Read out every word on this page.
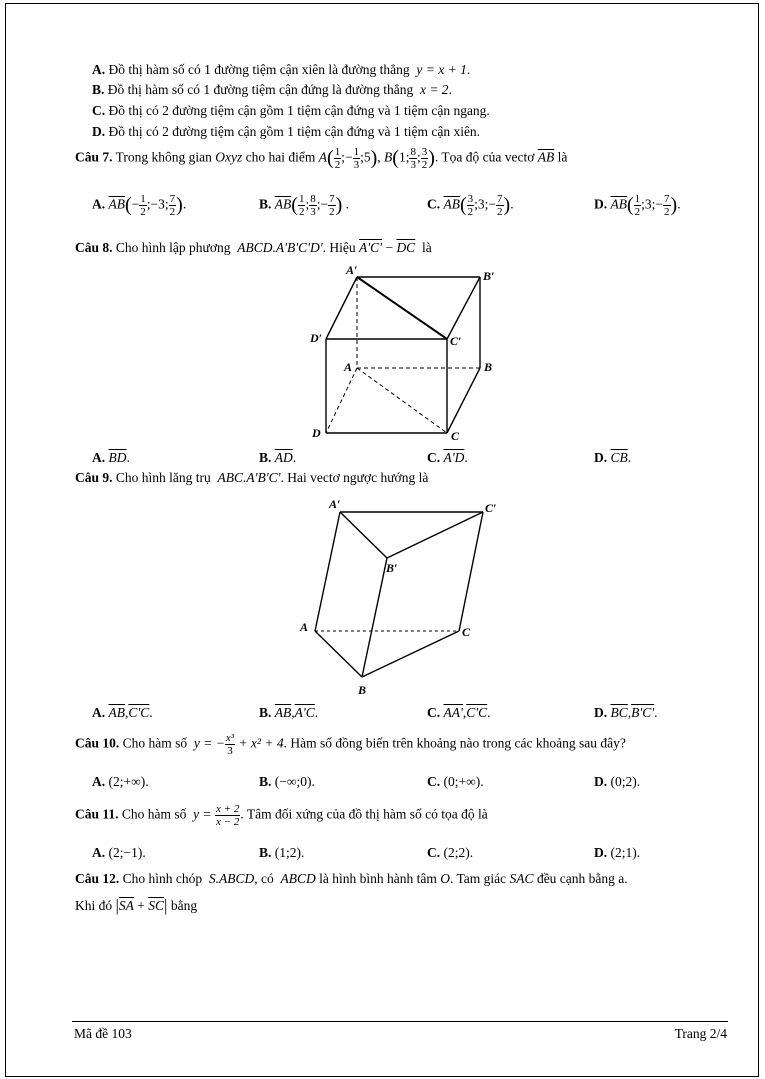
A. Đồ thị hàm số có 1 đường tiệm cận xiên là đường thẳng y = x + 1.
B. Đồ thị hàm số có 1 đường tiệm cận đứng là đường thẳng x = 2.
C. Đồ thị có 2 đường tiệm cận gồm 1 tiệm cận đứng và 1 tiệm cận ngang.
D. Đồ thị có 2 đường tiệm cận gồm 1 tiệm cận đứng và 1 tiệm cận xiên.
Câu 7. Trong không gian Oxyz cho hai điểm $A( \frac{1}{2}$ ;− $\frac{1}{3}$ ;5), B(1; $\frac{8}{3}$ ; $\frac{3}{2}$ ). Tọa độ của vectơ $\overline{AB}$ là
A. $\overline{AB}(- \frac{1}{2}$ ;−3; $\frac{7}{2}$ ).	B. $\overline{AB}( \frac{1}{2}$ ; $\frac{8}{3}$ ;− $\frac{7}{2}$ ) .	C. $\overline{AB}( \frac{3}{2}$ ;3;− $\frac{7}{2}$ ).	D. $\overline{AB}( \frac{1}{2}$ ;3;− $\frac{7}{2}$ ).
Câu 8. Cho hình lập phương ABCD.A'B'C'D'. Hiệu $A'C' - \overline{DC}$ là
A′	B′
C′
D′
A	B
C
D
A. $\overline{BD}$.	B. $\overline{AD}$.	C. A'D.	D. $\overline{CB}$.
Câu 9. Cho hình lăng trụ ABC.A'B'C'. Hai vectơ ngược hướng là
A′	C′
B′
A	C
B
A. $\overline{AB},C'C$.	B. $\overline{AB},A'C$.	C. AA',C'C.	D. $\overline{BC},B'C'$.
Câu 10. Cho hàm số y = − $\frac{\text{x³}}{3} + x^2 + 4$. Hàm số đồng biến trên khoảng nào trong các khoảng sau đây?
A. (2;+∞).	B. (−∞;0).	C. (0;+∞).	D. (0;2).
Câu 11. Cho hàm số $y = \frac{x + 2}{x - 2}$ . Tâm đối xứng của đồ thị hàm số có tọa độ là
A. (2;−1).	B. (1;2).	C. (2;2).	D. (2;1).
Câu 12. Cho hình chóp S.ABCD, có ABCD là hình bình hành tâm O. Tam giác SAC đều cạnh bằng a.
Khi đó $|\overline{SA} + \overline{SC}|$ bằng
Mã đề 103	Trang 2/4
